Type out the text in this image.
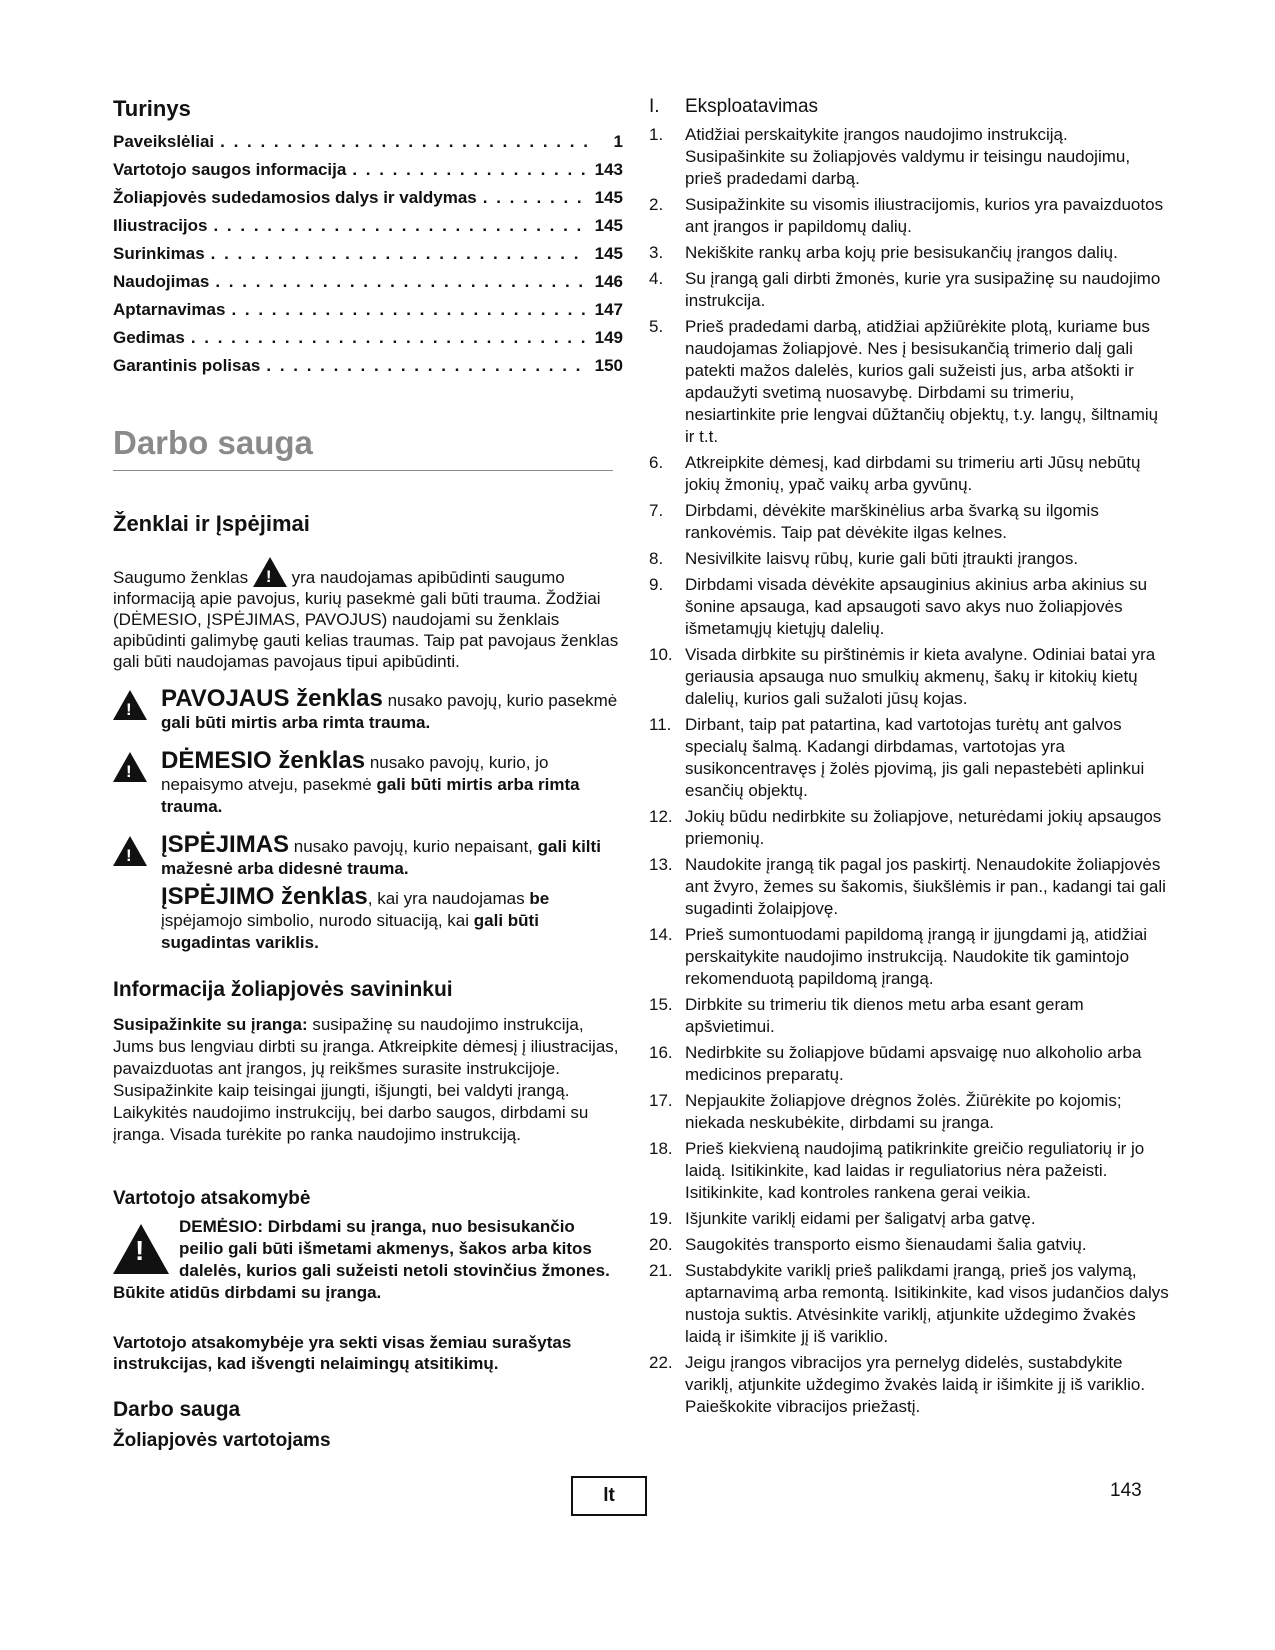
Turinys
Paveikslėliai . . .	1
Vartotojo saugos informacija . . .	143
Žoliapjovės sudedamosios dalys ir valdymas . . .	145
Iliustracijos . . .	145
Surinkimas . . .	145
Naudojimas . . .	146
Aptarnavimas . . .	147
Gedimas . . .	149
Garantinis polisas . . .	150
Darbo sauga
Ženklai ir Įspėjimai
Saugumo ženklas !	yra naudojamas apibūdinti saugumo informaciją apie pavojus, kurių pasekmė gali būti trauma. Žodžiai (DĖMESIO, ĮSPĖJIMAS, PAVOJUS) naudojami su ženklais apibūdinti galimybę gauti kelias traumas. Taip pat pavojaus ženklas gali būti naudojamas pavojaus tipui apibūdinti.
!
PAVOJAUS ženklas nusako pavojų, kurio pasekmė gali būti mirtis arba rimta trauma.
!
DĖMESIO ženklas nusako pavojų, kurio, jo nepaisymo atveju, pasekmė gali būti mirtis arba rimta trauma.
!
ĮSPĖJIMAS nusako pavojų, kurio nepaisant, gali kilti mažesnė arba didesnė trauma.
ĮSPĖJIMO ženklas, kai yra naudojamas be įspėjamojo simbolio, nurodo situaciją, kai gali būti sugadintas variklis.
Informacija žoliapjovės savininkui
Susipažinkite su įranga: susipažinę su naudojimo instrukcija, Jums bus lengviau dirbti su įranga. Atkreipkite dėmesį į iliustracijas, pavaizduotas ant įrangos, jų reikšmes surasite instrukcijoje. Susipažinkite kaip teisingai įjungti, išjungti, bei valdyti įrangą. Laikykitės naudojimo instrukcijų, bei darbo saugos, dirbdami su įranga. Visada turėkite po ranka naudojimo instrukciją.
Vartotojo atsakomybė
!
DEMĖSIO: Dirbdami su įranga, nuo besisukančio peilio gali būti išmetami akmenys, šakos arba kitos dalelės, kurios gali sužeisti netoli stovinčius žmones. Būkite atidūs dirbdami su įranga.
Vartotojo atsakomybėje yra sekti visas žemiau surašytas instrukcijas, kad išvengti nelaimingų atsitikimų.
Darbo sauga
Žoliapjovės vartotojams
I.	Eksploatavimas
1.	Atidžiai perskaitykite įrangos naudojimo instrukciją. Susipašinkite su žoliapjovės valdymu ir teisingu naudojimu, prieš pradedami darbą.
2.	Susipažinkite su visomis iliustracijomis, kurios yra pavaizduotos ant įrangos ir papildomų dalių.
3.	Nekiškite rankų arba kojų prie besisukančių įrangos dalių.
4.	Su įrangą gali dirbti žmonės, kurie yra susipažinę su naudojimo instrukcija.
5.	Prieš pradedami darbą, atidžiai apžiūrėkite plotą, kuriame bus naudojamas žoliapjovė. Nes į besisukančią trimerio dalį gali patekti mažos dalelės, kurios gali sužeisti jus, arba atšokti ir apdaužyti svetimą nuosavybę. Dirbdami su trimeriu, nesiartinkite prie lengvai dūžtančių objektų, t.y. langų, šiltnamių ir t.t.
6.	Atkreipkite dėmesį, kad dirbdami su trimeriu arti Jūsų nebūtų jokių žmonių, ypač vaikų arba gyvūnų.
7.	Dirbdami, dėvėkite marškinėlius arba švarką su ilgomis rankovėmis. Taip pat dėvėkite ilgas kelnes.
8.	Nesivilkite laisvų rūbų, kurie gali būti įtraukti įrangos.
9.	Dirbdami visada dėvėkite apsauginius akinius arba akinius su šonine apsauga, kad apsaugoti savo akys nuo žoliapjovės išmetamųjų kietųjų dalelių.
10. Visada dirbkite su pirštinėmis ir kieta avalyne. Odiniai batai yra geriausia apsauga nuo smulkių akmenų, šakų ir kitokių kietų dalelių, kurios gali sužaloti jūsų kojas.
11. Dirbant, taip pat patartina, kad vartotojas turėtų ant galvos specialų šalmą. Kadangi dirbdamas, vartotojas yra susikoncentravęs į žolės pjovimą, jis gali nepastebėti aplinkui esančių objektų.
12. Jokių būdu nedirbkite su žoliapjove, neturėdami jokių apsaugos priemonių.
13. Naudokite įrangą tik pagal jos paskirtį. Nenaudokite žoliapjovės ant žvyro, žemes su šakomis, šiukšlėmis ir pan., kadangi tai gali sugadinti žolaipjovę.
14. Prieš sumontuodami papildomą įrangą ir įjungdami ją, atidžiai perskaitykite naudojimo instrukciją. Naudokite tik gamintojo rekomenduotą papildomą įrangą.
15. Dirbkite su trimeriu tik dienos metu arba esant geram apšvietimui.
16. Nedirbkite su žoliapjove būdami apsvaigę nuo alkoholio arba medicinos preparatų.
17. Nepjaukite žoliapjove drėgnos žolės. Žiūrėkite po kojomis; niekada neskubėkite, dirbdami su įranga.
18. Prieš kiekvieną naudojimą patikrinkite greičio reguliatorių ir jo laidą. Isitikinkite, kad laidas ir reguliatorius nėra pažeisti. Isitikinkite, kad kontroles rankena gerai veikia.
19. Išjunkite variklį eidami per šaligatvį arba gatvę.
20. Saugokitės transporto eismo šienaudami šalia gatvių.
21. Sustabdykite variklį prieš palikdami įrangą, prieš jos valymą, aptarnavimą arba remontą. Isitikinkite, kad visos judančios dalys nustoja suktis. Atvėsinkite variklį, atjunkite uždegimo žvakės laidą ir išimkite jį iš variklio.
22. Jeigu įrangos vibracijos yra pernelyg didelės, sustabdykite variklį, atjunkite uždegimo žvakės laidą ir išimkite jį iš variklio. Paieškokite vibracijos priežastį.
lt	143
